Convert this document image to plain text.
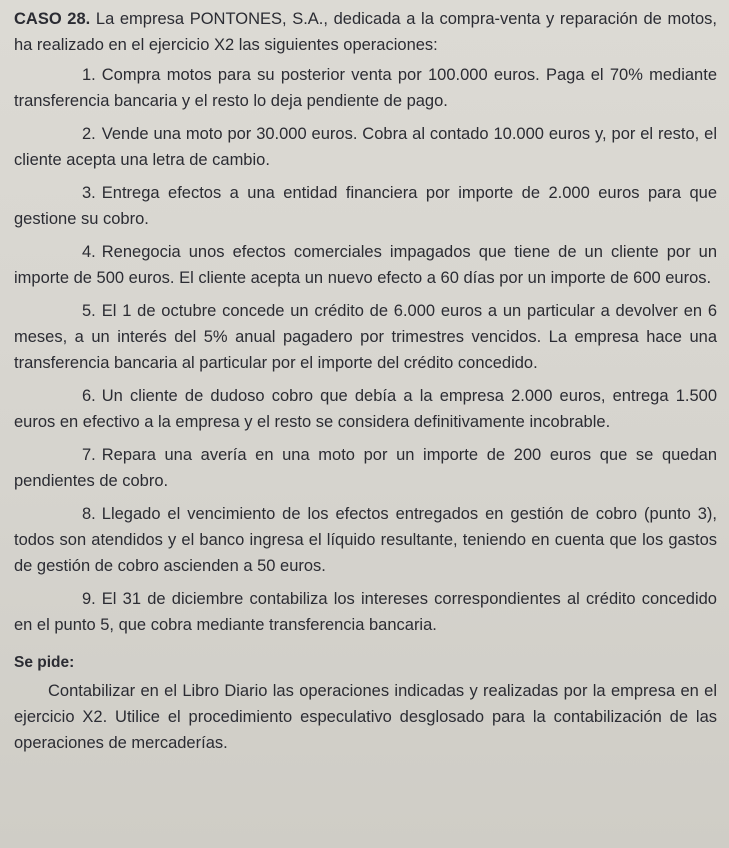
CASO 28. La empresa PONTONES, S.A., dedicada a la compra-venta y reparación de motos, ha realizado en el ejercicio X2 las siguientes operaciones:

1. Compra motos para su posterior venta por 100.000 euros. Paga el 70% mediante transferencia bancaria y el resto lo deja pendiente de pago.

2. Vende una moto por 30.000 euros. Cobra al contado 10.000 euros y, por el resto, el cliente acepta una letra de cambio.

3. Entrega efectos a una entidad financiera por importe de 2.000 euros para que gestione su cobro.

4. Renegocia unos efectos comerciales impagados que tiene de un cliente por un importe de 500 euros. El cliente acepta un nuevo efecto a 60 días por un importe de 600 euros.

5. El 1 de octubre concede un crédito de 6.000 euros a un particular a devolver en 6 meses, a un interés del 5% anual pagadero por trimestres vencidos. La empresa hace una transferencia bancaria al particular por el importe del crédito concedido.

6. Un cliente de dudoso cobro que debía a la empresa 2.000 euros, entrega 1.500 euros en efectivo a la empresa y el resto se considera definitivamente incobrable.

7. Repara una avería en una moto por un importe de 200 euros que se quedan pendientes de cobro.

8. Llegado el vencimiento de los efectos entregados en gestión de cobro (punto 3), todos son atendidos y el banco ingresa el líquido resultante, teniendo en cuenta que los gastos de gestión de cobro ascienden a 50 euros.

9. El 31 de diciembre contabiliza los intereses correspondientes al crédito concedido en el punto 5, que cobra mediante transferencia bancaria.

Se pide:

Contabilizar en el Libro Diario las operaciones indicadas y realizadas por la empresa en el ejercicio X2. Utilice el procedimiento especulativo desglosado para la contabilización de las operaciones de mercaderías.
